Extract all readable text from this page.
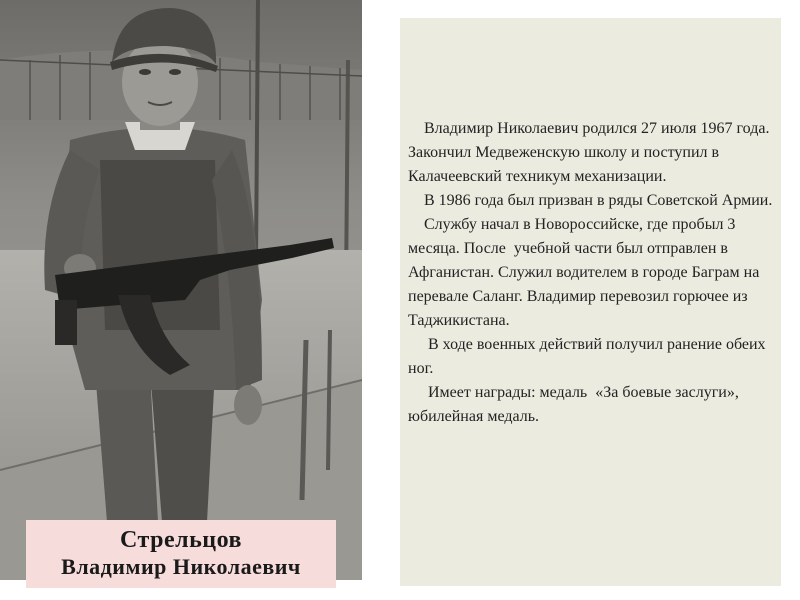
Стрельцов
Владимир Николаевич

Владимир Николаевич родился 27 июля 1967 года. Закончил Медвеженскую школу и поступил в Калачеевский техникум механизации.

В 1986 года был призван в ряды Советской Армии.

Службу начал в Новороссийске, где пробыл 3 месяца. После  учебной части был отправлен в Афганистан. Служил водителем в городе Баграм на перевале Саланг. Владимир перевозил горючее из Таджикистана.

В ходе военных действий получил ранение обеих ног.

Имеет награды: медаль  «За боевые заслуги», юбилейная медаль.
